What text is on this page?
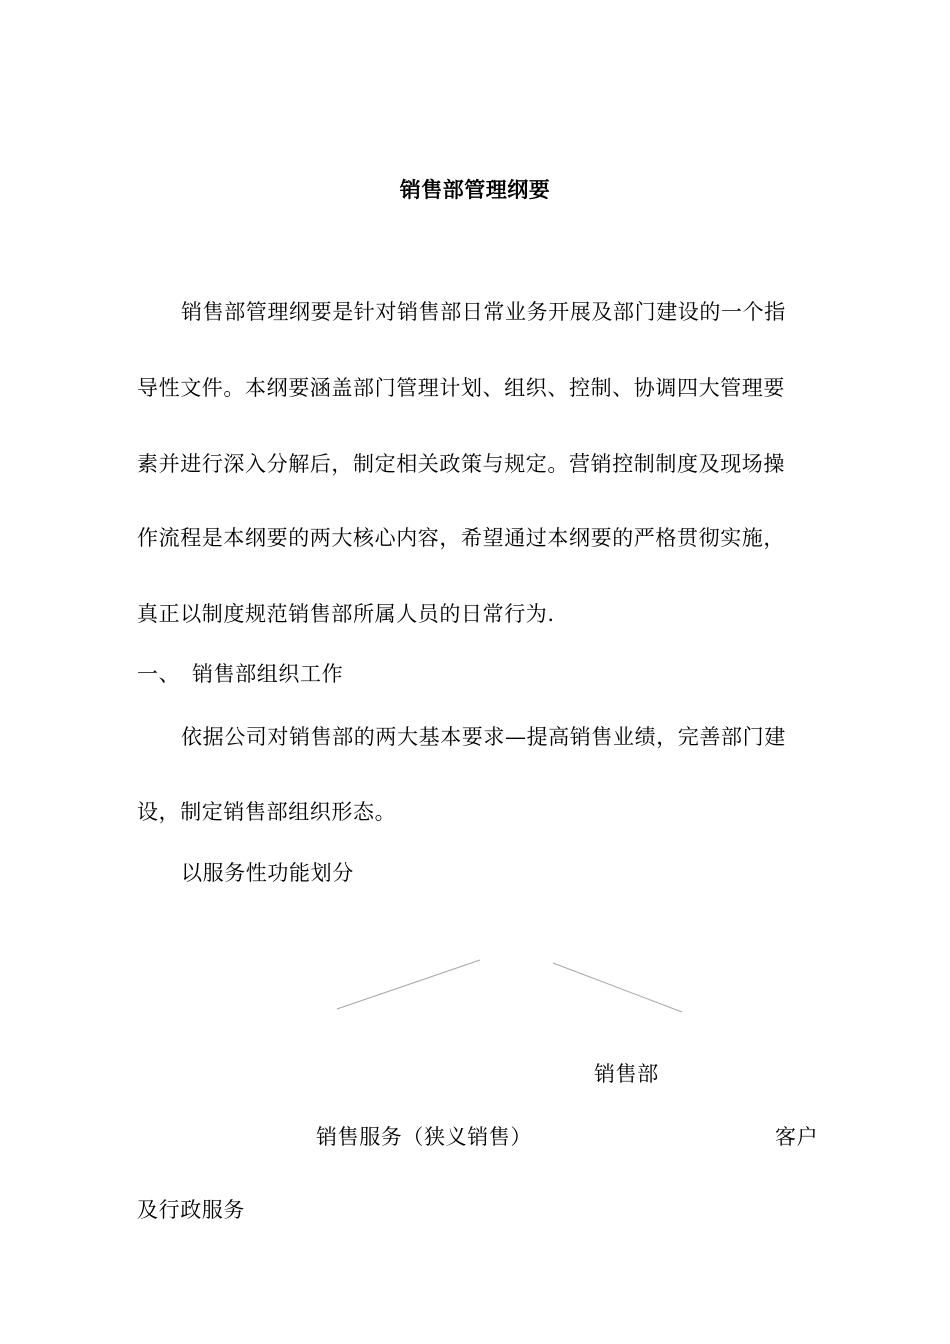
销售部管理纲要
销售部管理纲要是针对销售部日常业务开展及部门建设的一个指
导性文件。本纲要涵盖部门管理计划、组织、控制、协调四大管理要
素并进行深入分解后，制定相关政策与规定。营销控制制度及现场操
作流程是本纲要的两大核心内容，希望通过本纲要的严格贯彻实施，
真正以制度规范销售部所属人员的日常行为.
一、 销售部组织工作
依据公司对销售部的两大基本要求—提高销售业绩，完善部门建
设，制定销售部组织形态。
以服务性功能划分
销售部
销售服务（狭义销售）	客户
及行政服务
